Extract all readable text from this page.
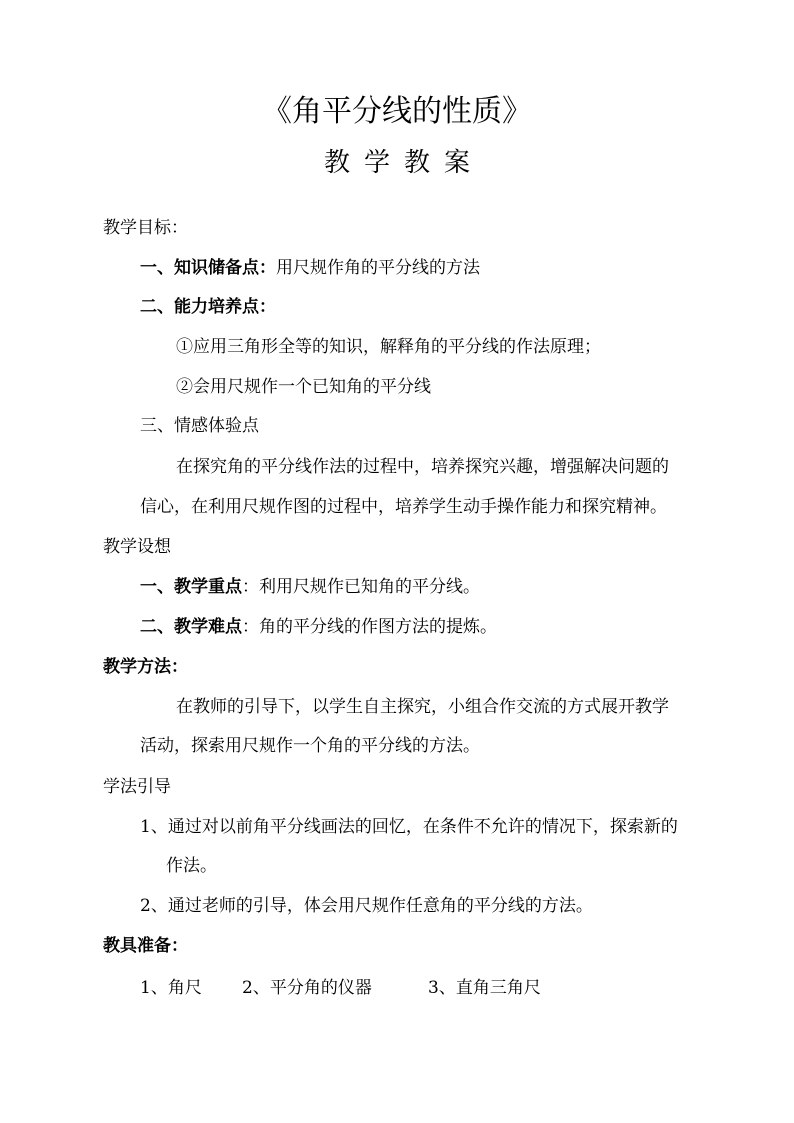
《角平分线的性质》
教学教案
教学目标：
一、知识储备点：用尺规作角的平分线的方法
二、能力培养点：
①应用三角形全等的知识，解释角的平分线的作法原理；
②会用尺规作一个已知角的平分线
三、情感体验点
在探究角的平分线作法的过程中，培养探究兴趣，增强解决问题的
信心，在利用尺规作图的过程中，培养学生动手操作能力和探究精神。
教学设想
一、教学重点：利用尺规作已知角的平分线。
二、教学难点：角的平分线的作图方法的提炼。
教学方法：
在教师的引导下，以学生自主探究，小组合作交流的方式展开教学
活动，探索用尺规作一个角的平分线的方法。
学法引导
1、通过对以前角平分线画法的回忆，在条件不允许的情况下，探索新的
作法。
2、通过老师的引导，体会用尺规作任意角的平分线的方法。
教具准备：
1、角尺 2、平分角的仪器	3、直角三角尺
